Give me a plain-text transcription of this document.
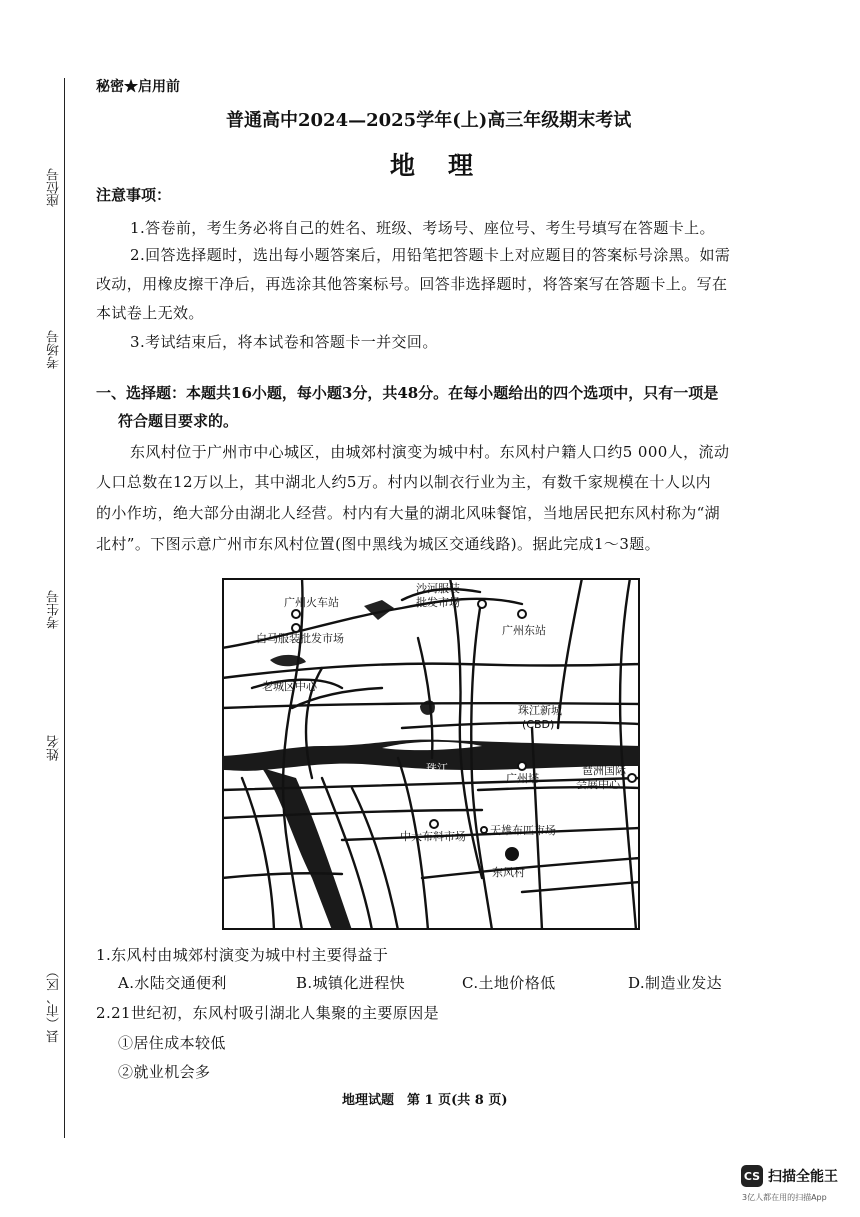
座位号
考场号
考生号
姓名
县（市、区）
秘密★启用前
普通高中2024—2025学年(上)高三年级期末考试
地　理
注意事项：
1.答卷前，考生务必将自己的姓名、班级、考场号、座位号、考生号填写在答题卡上。
2.回答选择题时，选出每小题答案后，用铅笔把答题卡上对应题目的答案标号涂黑。如需
改动，用橡皮擦干净后，再选涂其他答案标号。回答非选择题时，将答案写在答题卡上。写在
本试卷上无效。
3.考试结束后，将本试卷和答题卡一并交回。
一、选择题：本题共16小题，每小题3分，共48分。在每小题给出的四个选项中，只有一项是
符合题目要求的。
东风村位于广州市中心城区，由城郊村演变为城中村。东风村户籍人口约5 000人，流动
人口总数在12万以上，其中湖北人约5万。村内以制衣行业为主，有数千家规模在十人以内
的小作坊，绝大部分由湖北人经营。村内有大量的湖北风味餐馆，当地居民把东风村称为“湖
北村”。下图示意广州市东风村位置(图中黑线为城区交通线路)。据此完成1～3题。
广州火车站
沙河服装
批发市场
广州东站
白马服装批发市场
老城区中心
珠江新城
(CBD)
珠江
广州塔
琶洲国际
会展中心
中大布料市场 天雄布匹市场
东风村
1.东风村由城郊村演变为城中村主要得益于
A.水陆交通便利	B.城镇化进程快	C.土地价格低	D.制造业发达
2.21世纪初，东风村吸引湖北人集聚的主要原因是
①居住成本较低
②就业机会多
地理试题　第 1 页(共 8 页)
CS 扫描全能王
3亿人都在用的扫描App
